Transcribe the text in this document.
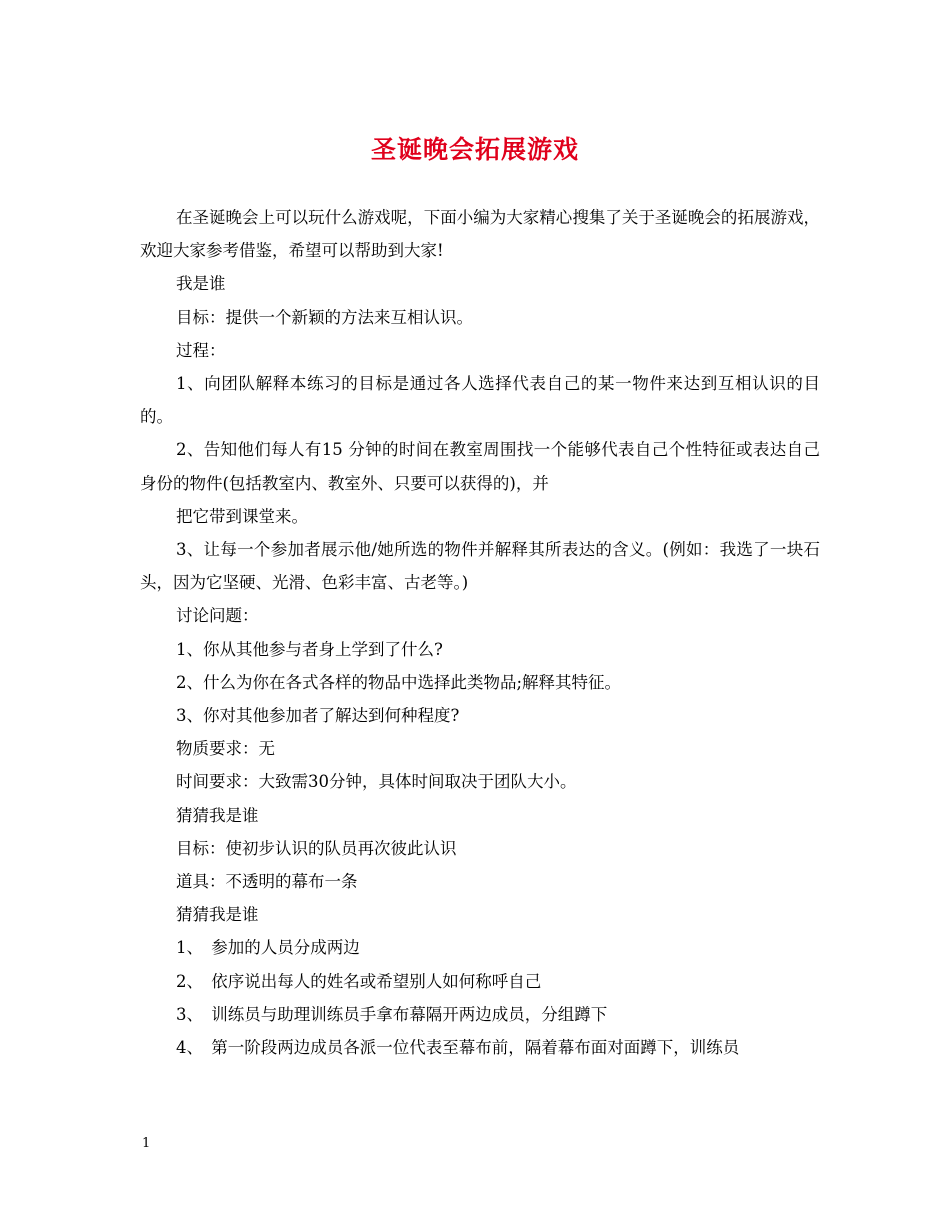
圣诞晚会拓展游戏

在圣诞晚会上可以玩什么游戏呢，下面小编为大家精心搜集了关于圣诞晚会的拓展游戏，欢迎大家参考借鉴，希望可以帮助到大家!

我是谁

目标：提供一个新颖的方法来互相认识。

过程：

1、向团队解释本练习的目标是通过各人选择代表自己的某一物件来达到互相认识的目的。

2、告知他们每人有15 分钟的时间在教室周围找一个能够代表自己个性特征或表达自己身份的物件(包括教室内、教室外、只要可以获得的)，并

把它带到课堂来。

3、让每一个参加者展示他/她所选的物件并解释其所表达的含义。(例如：我选了一块石头，因为它坚硬、光滑、色彩丰富、古老等。)

讨论问题：

1、你从其他参与者身上学到了什么?

2、什么为你在各式各样的物品中选择此类物品;解释其特征。

3、你对其他参加者了解达到何种程度?

物质要求：无

时间要求：大致需30分钟，具体时间取决于团队大小。

猜猜我是谁

目标：使初步认识的队员再次彼此认识

道具：不透明的幕布一条

猜猜我是谁

1、　参加的人员分成两边

2、　依序说出每人的姓名或希望别人如何称呼自己

3、　训练员与助理训练员手拿布幕隔开两边成员，分组蹲下

4、　第一阶段两边成员各派一位代表至幕布前，隔着幕布面对面蹲下，训练员

1
